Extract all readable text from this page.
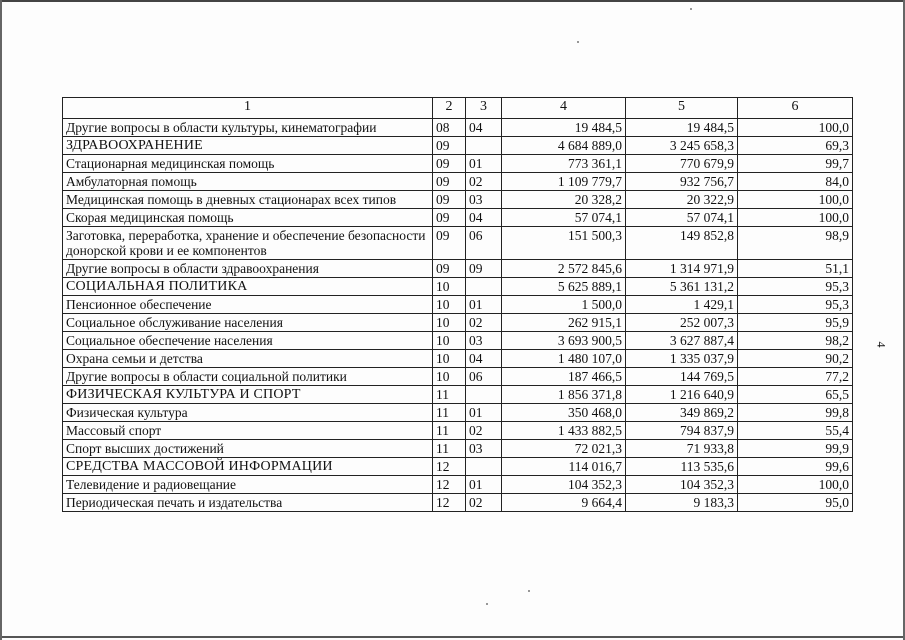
1	2	3	4	5	6
Другие вопросы в области культуры, кинематографии	08	04	19 484,5	19 484,5	100,0
ЗДРАВООХРАНЕНИЕ	09		4 684 889,0	3 245 658,3	69,3
Стационарная медицинская помощь	09	01	773 361,1	770 679,9	99,7
Амбулаторная помощь	09	02	1 109 779,7	932 756,7	84,0
Медицинская помощь в дневных стационарах всех типов	09	03	20 328,2	20 322,9	100,0
Скорая медицинская помощь	09	04	57 074,1	57 074,1	100,0
Заготовка, переработка, хранение и обеспечение безопасности донорской крови и ее компонентов	09	06	151 500,3	149 852,8	98,9
Другие вопросы в области здравоохранения	09	09	2 572 845,6	1 314 971,9	51,1
СОЦИАЛЬНАЯ ПОЛИТИКА	10		5 625 889,1	5 361 131,2	95,3
Пенсионное обеспечение	10	01	1 500,0	1 429,1	95,3
Социальное обслуживание населения	10	02	262 915,1	252 007,3	95,9
Социальное обеспечение населения	10	03	3 693 900,5	3 627 887,4	98,2
Охрана семьи и детства	10	04	1 480 107,0	1 335 037,9	90,2
Другие вопросы в области социальной политики	10	06	187 466,5	144 769,5	77,2
ФИЗИЧЕСКАЯ КУЛЬТУРА И СПОРТ	11		1 856 371,8	1 216 640,9	65,5
Физическая культура	11	01	350 468,0	349 869,2	99,8
Массовый спорт	11	02	1 433 882,5	794 837,9	55,4
Спорт высших достижений	11	03	72 021,3	71 933,8	99,9
СРЕДСТВА МАССОВОЙ ИНФОРМАЦИИ	12		114 016,7	113 535,6	99,6
Телевидение и радиовещание	12	01	104 352,3	104 352,3	100,0
Периодическая печать и издательства	12	02	9 664,4	9 183,3	95,0
4
